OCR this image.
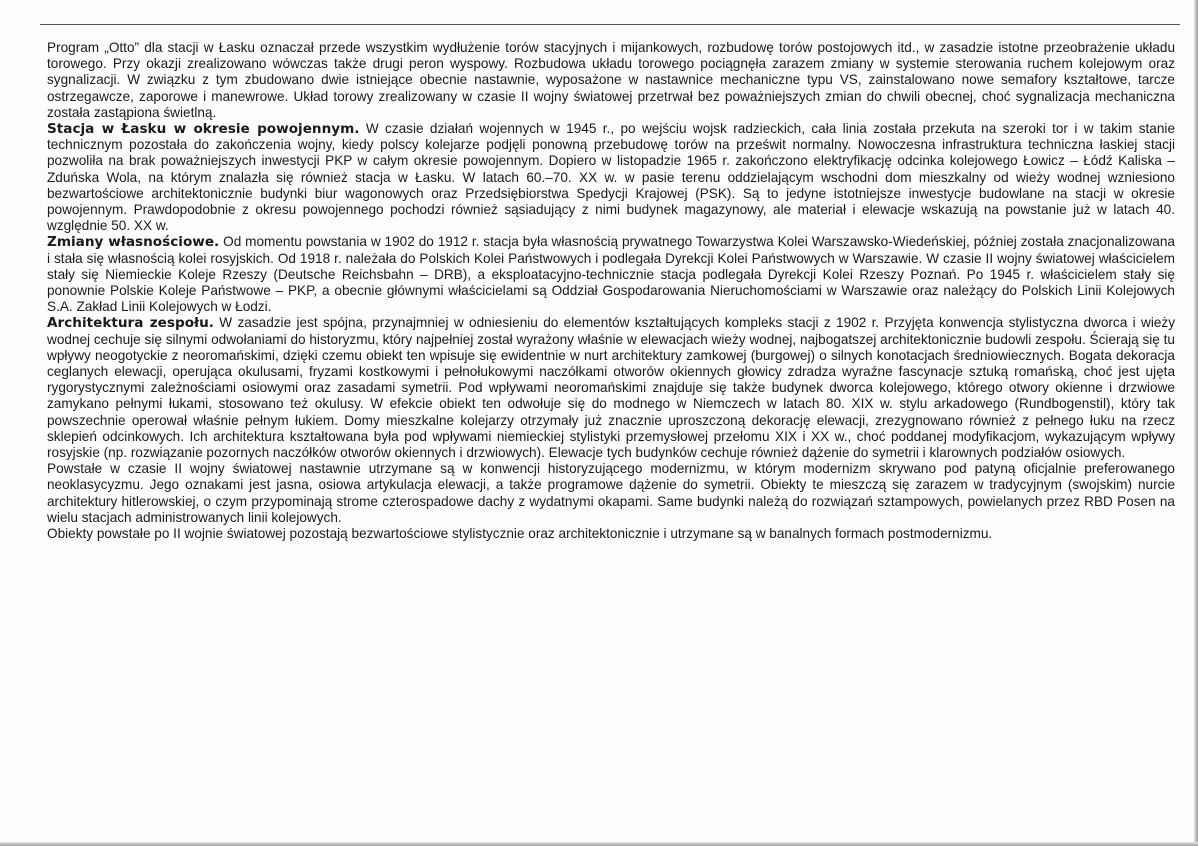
Program „Otto” dla stacji w Łasku oznaczał przede wszystkim wydłużenie torów stacyjnych i mijankowych, rozbudowę torów postojowych itd., w zasadzie istotne przeobrażenie układu torowego. Przy okazji zrealizowano wówczas także drugi peron wyspowy. Rozbudowa układu torowego pociągnęła zarazem zmiany w systemie sterowania ruchem kolejowym oraz sygnalizacji. W związku z tym zbudowano dwie istniejące obecnie nastawnie, wyposażone w nastawnice mechaniczne typu VS, zainstalowano nowe semafory kształtowe, tarcze ostrzegawcze, zaporowe i manewrowe. Układ torowy zrealizowany w czasie II wojny światowej przetrwał bez poważniejszych zmian do chwili obecnej, choć sygnalizacja mechaniczna została zastąpiona świetlną.

Stacja w Łasku w okresie powojennym. W czasie działań wojennych w 1945 r., po wejściu wojsk radzieckich, cała linia została przekuta na szeroki tor i w takim stanie technicznym pozostała do zakończenia wojny, kiedy polscy kolejarze podjęli ponowną przebudowę torów na prześwit normalny. Nowoczesna infrastruktura techniczna łaskiej stacji pozwoliła na brak poważniejszych inwestycji PKP w całym okresie powojennym. Dopiero w listopadzie 1965 r. zakończono elektryfikację odcinka kolejowego Łowicz – Łódź Kaliska – Zduńska Wola, na którym znalazła się również stacja w Łasku. W latach 60.–70. XX w. w pasie terenu oddzielającym wschodni dom mieszkalny od wieży wodnej wzniesiono bezwartościowe architektonicznie budynki biur wagonowych oraz Przedsiębiorstwa Spedycji Krajowej (PSK). Są to jedyne istotniejsze inwestycje budowlane na stacji w okresie powojennym. Prawdopodobnie z okresu powojennego pochodzi również sąsiadujący z nimi budynek magazynowy, ale materiał i elewacje wskazują na powstanie już w latach 40. względnie 50. XX w.

Zmiany własnościowe. Od momentu powstania w 1902 do 1912 r. stacja była własnością prywatnego Towarzystwa Kolei Warszawsko-Wiedeńskiej, później została znacjonalizowana i stała się własnością kolei rosyjskich. Od 1918 r. należała do Polskich Kolei Państwowych i podlegała Dyrekcji Kolei Państwowych w Warszawie. W czasie II wojny światowej właścicielem stały się Niemieckie Koleje Rzeszy (Deutsche Reichsbahn – DRB), a eksploatacyjno-technicznie stacja podlegała Dyrekcji Kolei Rzeszy Poznań. Po 1945 r. właścicielem stały się ponownie Polskie Koleje Państwowe – PKP, a obecnie głównymi właścicielami są Oddział Gospodarowania Nieruchomościami w Warszawie oraz należący do Polskich Linii Kolejowych S.A. Zakład Linii Kolejowych w Łodzi.

Architektura zespołu. W zasadzie jest spójna, przynajmniej w odniesieniu do elementów kształtujących kompleks stacji z 1902 r. Przyjęta konwencja stylistyczna dworca i wieży wodnej cechuje się silnymi odwołaniami do historyzmu, który najpełniej został wyrażony właśnie w elewacjach wieży wodnej, najbogatszej architektonicznie budowli zespołu. Ścierają się tu wpływy neogotyckie z neoromańskimi, dzięki czemu obiekt ten wpisuje się ewidentnie w nurt architektury zamkowej (burgowej) o silnych konotacjach średniowiecznych. Bogata dekoracja ceglanych elewacji, operująca okulusami, fryzami kostkowymi i pełnołukowymi naczółkami otworów okiennych głowicy zdradza wyraźne fascynacje sztuką romańską, choć jest ujęta rygorystycznymi zależnościami osiowymi oraz zasadami symetrii. Pod wpływami neoromańskimi znajduje się także budynek dworca kolejowego, którego otwory okienne i drzwiowe zamykano pełnymi łukami, stosowano też okulusy. W efekcie obiekt ten odwołuje się do modnego w Niemczech w latach 80. XIX w. stylu arkadowego (Rundbogenstil), który tak powszechnie operował właśnie pełnym łukiem. Domy mieszkalne kolejarzy otrzymały już znacznie uproszczoną dekorację elewacji, zrezygnowano również z pełnego łuku na rzecz sklepień odcinkowych. Ich architektura kształtowana była pod wpływami niemieckiej stylistyki przemysłowej przełomu XIX i XX w., choć poddanej modyfikacjom, wykazującym wpływy rosyjskie (np. rozwiązanie pozornych naczółków otworów okiennych i drzwiowych). Elewacje tych budynków cechuje również dążenie do symetrii i klarownych podziałów osiowych.

Powstałe w czasie II wojny światowej nastawnie utrzymane są w konwencji historyzującego modernizmu, w którym modernizm skrywano pod patyną oficjalnie preferowanego neoklasycyzmu. Jego oznakami jest jasna, osiowa artykulacja elewacji, a także programowe dążenie do symetrii. Obiekty te mieszczą się zarazem w tradycyjnym (swojskim) nurcie architektury hitlerowskiej, o czym przypominają strome czterospadowe dachy z wydatnymi okapami. Same budynki należą do rozwiązań sztampowych, powielanych przez RBD Posen na wielu stacjach administrowanych linii kolejowych.

Obiekty powstałe po II wojnie światowej pozostają bezwartościowe stylistycznie oraz architektonicznie i utrzymane są w banalnych formach postmodernizmu.
